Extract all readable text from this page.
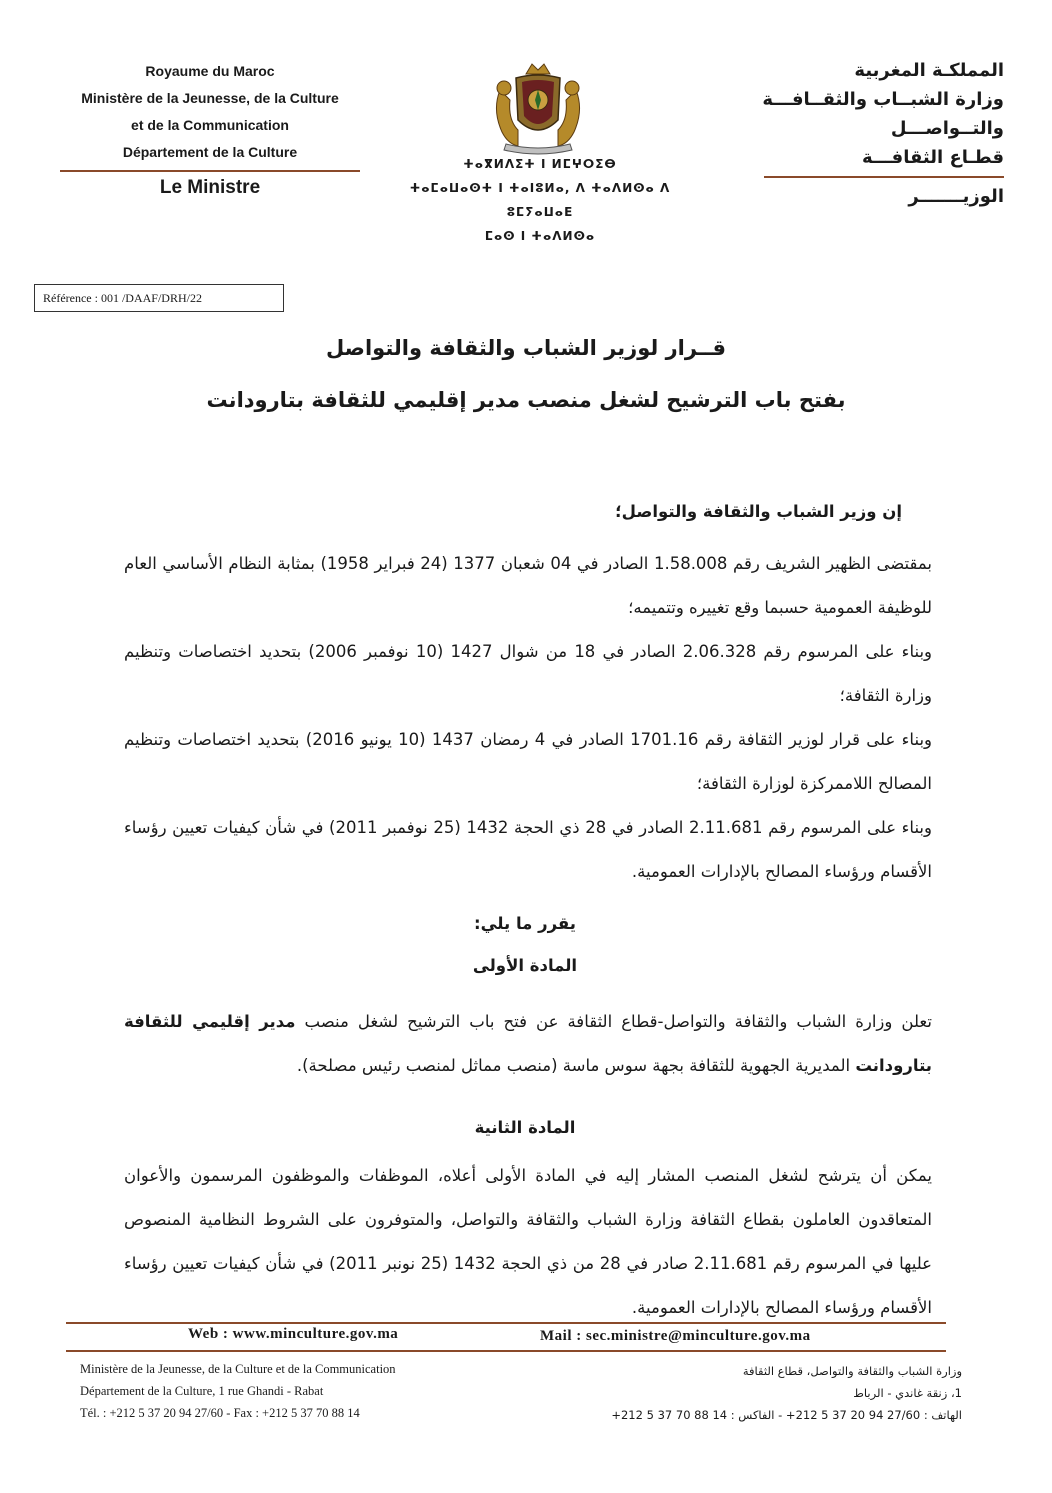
Royaume du Maroc
Ministère de la Jeunesse, de la Culture
et de la Communication
Département de la Culture
Le Ministre
ⵜⴰⴳⵍⴷⵉⵜ ⵏ ⵍⵎⵖⵔⵉⴱ
ⵜⴰⵎⴰⵡⴰⵙⵜ ⵏ ⵜⴰⵏⵓⵍⴰ, ⴷ ⵜⴰⴷⵍⵙⴰ ⴷ ⵓⵎⵢⴰⵡⴰⴹ
ⵎⴰⵙ ⵏ ⵜⴰⴷⵍⵙⴰ
المملكـة المغربية
وزارة الشبــاب والثقــافـــة
والتــواصـــل
قطـاع الثقافـــة
الوزيـــــــر
Référence : 001 /DAAF/DRH/22
قــرار لوزير الشباب والثقافة والتواصل
بفتح باب الترشيح لشغل منصب مدير إقليمي للثقافة بتارودانت
إن وزير الشباب والثقافة والتواصل؛
بمقتضى الظهير الشريف رقم 1.58.008 الصادر في 04 شعبان 1377 (24 فبراير 1958) بمثابة النظام الأساسي العام للوظيفة العمومية حسبما وقع تغييره وتتميمه؛
وبناء على المرسوم رقم 2.06.328 الصادر في 18 من شوال 1427 (10 نوفمبر 2006) بتحديد اختصاصات وتنظيم وزارة الثقافة؛
وبناء على قرار لوزير الثقافة رقم 1701.16 الصادر في 4 رمضان 1437 (10 يونيو 2016) بتحديد اختصاصات وتنظيم المصالح اللاممركزة لوزارة الثقافة؛
وبناء على المرسوم رقم 2.11.681 الصادر في 28 ذي الحجة 1432 (25 نوفمبر 2011) في شأن كيفيات تعيين رؤساء الأقسام ورؤساء المصالح بالإدارات العمومية.
يقرر ما يلي:
المادة الأولى
تعلن وزارة الشباب والثقافة والتواصل-قطاع الثقافة عن فتح باب الترشيح لشغل منصب مدير إقليمي للثقافة بتارودانت المديرية الجهوية للثقافة بجهة سوس ماسة (منصب مماثل لمنصب رئيس مصلحة).
المادة الثانية
يمكن أن يترشح لشغل المنصب المشار إليه في المادة الأولى أعلاه، الموظفات والموظفون المرسمون والأعوان المتعاقدون العاملون بقطاع الثقافة وزارة الشباب والثقافة والتواصل، والمتوفرون على الشروط النظامية المنصوص عليها في المرسوم رقم 2.11.681 صادر في 28 من ذي الحجة 1432 (25 نونبر 2011) في شأن كيفيات تعيين رؤساء الأقسام ورؤساء المصالح بالإدارات العمومية.
Web : www.minculture.gov.ma	Mail : sec.ministre@minculture.gov.ma
Ministère de la Jeunesse, de la Culture et de la Communication
Département de la Culture, 1 rue Ghandi - Rabat
Tél. : +212 5 37 20 94 27/60 - Fax : +212 5 37 70 88 14
وزارة الشباب والثقافة والتواصل، قطاع الثقافة
1، زنقة غاندي - الرباط
الهاتف : 27/60 94 20 37 5 212+ - الفاكس : 14 88 70 37 5 212+
